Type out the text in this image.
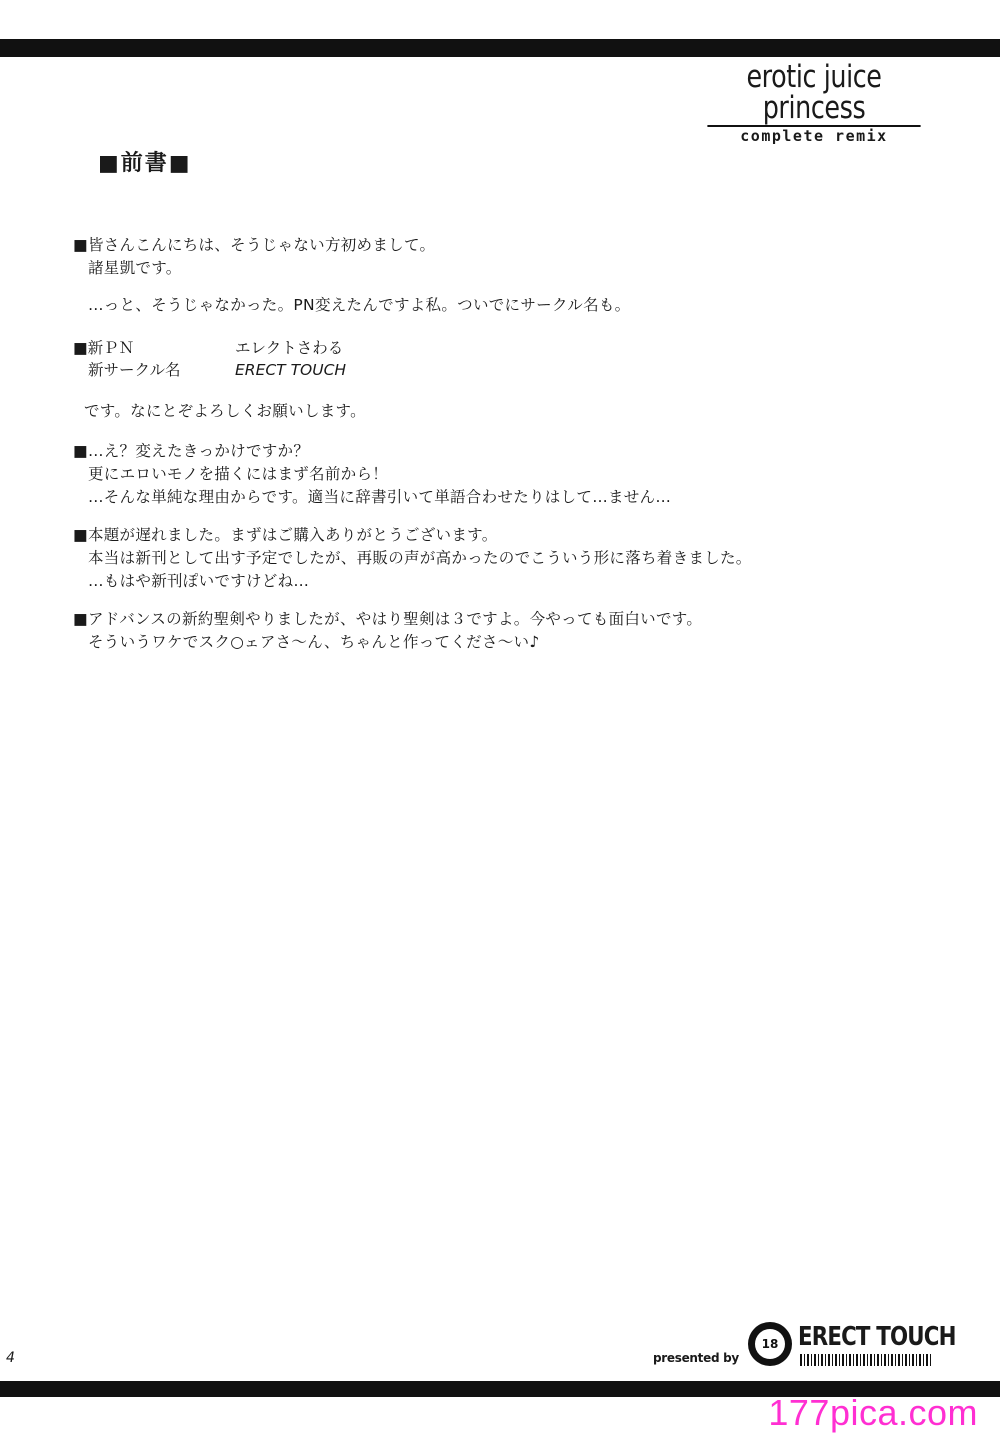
erotic juice princess
complete remix
■前書■
■ 皆さんこんにちは、そうじゃない方初めまして。
諸星凱です。
…っと、そうじゃなかった。PN変えたんですよ私。ついでにサークル名も。
■ 新ＰＮ	エレクトさわる
新サークル名	ERECT TOUCH
です。なにとぞよろしくお願いします。
■ …え？変えたきっかけですか？
更にエロいモノを描くにはまず名前から！
…そんな単純な理由からです。適当に辞書引いて単語合わせたりはして…ません…
■ 本題が遅れました。まずはご購入ありがとうございます。
本当は新刊として出す予定でしたが、再販の声が高かったのでこういう形に落ち着きました。
…もはや新刊ぽいですけどね…
■ アドバンスの新約聖剣やりましたが、やはり聖剣は３ですよ。今やっても面白いです。
そういうワケでスク○ェアさ～ん、ちゃんと作ってくださ～い♪
4	presented by
18 ERECT TOUCH
177pica.com
